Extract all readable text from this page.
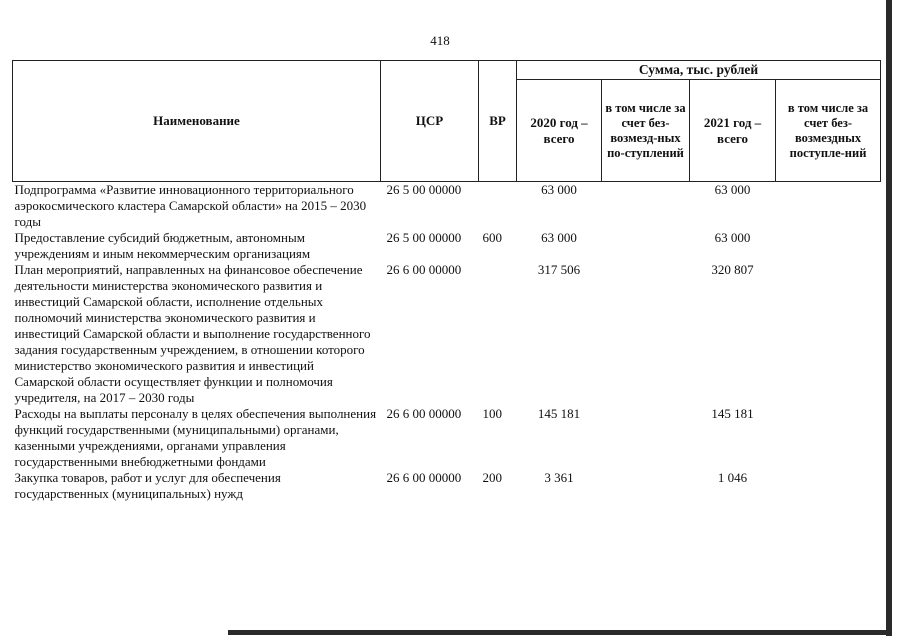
418
Наименование	ЦСР	ВР	Сумма, тыс. рублей			
			2020 год – всего	в том числе за счет без-возмезд-ных по-ступлений	2021 год – всего	в том числе за счет без-возмездных поступле-ний
Подпрограмма «Развитие инновационного территориального аэрокосмического кластера Самарской области» на 2015 – 2030 годы	26 5 00 00000		63 000		63 000	
Предоставление субсидий бюджетным, автономным учреждениям и иным некоммерческим организациям	26 5 00 00000	600	63 000		63 000	
План мероприятий, направленных на финансовое обеспечение деятельности министерства экономического развития и инвестиций Самарской области, исполнение отдельных полномочий министерства экономического развития и инвестиций Самарской области и выполнение государственного задания государственным учреждением, в отношении которого министерство экономического развития и инвестиций Самарской области осуществляет функции и полномочия учредителя, на 2017 – 2030 годы	26 6 00 00000		317 506		320 807	
Расходы на выплаты персоналу в целях обеспечения выполнения функций государственными (муниципальными) органами, казенными учреждениями, органами управления государственными внебюджетными фондами	26 6 00 00000	100	145 181		145 181	
Закупка товаров, работ и услуг для обеспечения государственных (муниципальных) нужд	26 6 00 00000	200	3 361		1 046	
